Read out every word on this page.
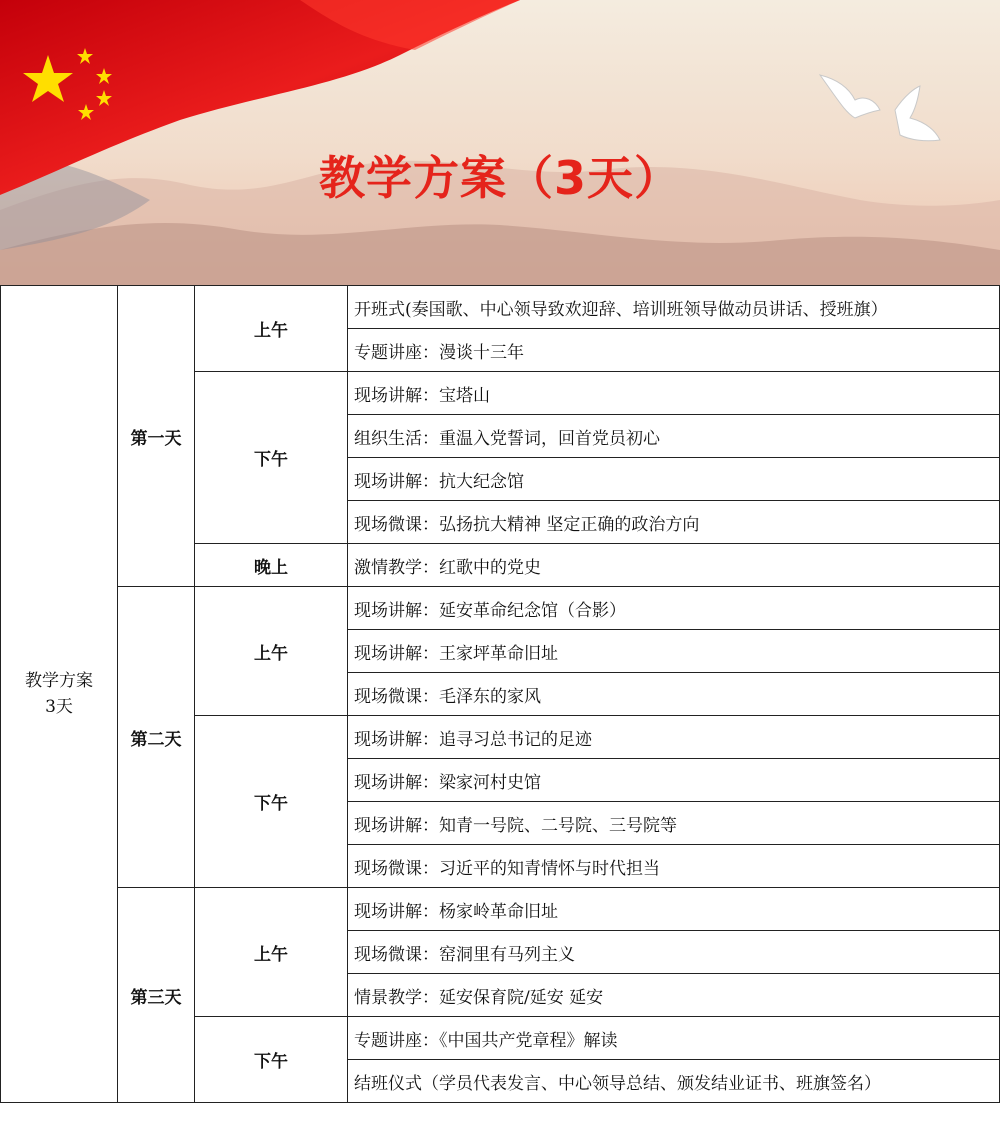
教学方案（3天）
教学方案
3天	第一天	上午	开班式(奏国歌、中心领导致欢迎辞、培训班领导做动员讲话、授班旗）
			专题讲座：漫谈十三年
		下午	现场讲解：宝塔山
			组织生活：重温入党誓词，回首党员初心
			现场讲解：抗大纪念馆
			现场微课：弘扬抗大精神 坚定正确的政治方向
		晚上	激情教学：红歌中的党史
	第二天	上午	现场讲解：延安革命纪念馆（合影）
			现场讲解：王家坪革命旧址
			现场微课：毛泽东的家风
		下午	现场讲解：追寻习总书记的足迹
			现场讲解：梁家河村史馆
			现场讲解：知青一号院、二号院、三号院等
			现场微课：习近平的知青情怀与时代担当
	第三天	上午	现场讲解：杨家岭革命旧址
			现场微课：窑洞里有马列主义
			情景教学：延安保育院/延安 延安
		下午	专题讲座：《中国共产党章程》解读
			结班仪式（学员代表发言、中心领导总结、颁发结业证书、班旗签名）
